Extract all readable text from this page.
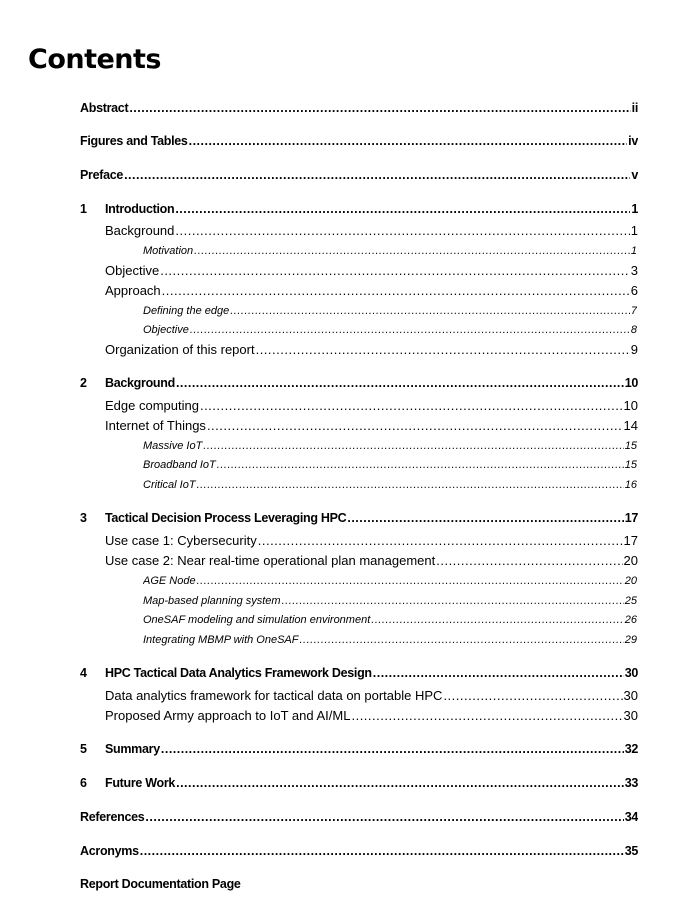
Contents
Abstract .....	ii
Figures and Tables .....	iv
Preface .....	v
1 Introduction .....	1
Background .....	1
Motivation .....	1
Objective .....	3
Approach .....	6
Defining the edge .....	7
Objective .....	8
Organization of this report .....	9
2 Background .....	10
Edge computing .....	10
Internet of Things .....	14
Massive IoT .....	15
Broadband IoT .....	15
Critical IoT .....	16
3 Tactical Decision Process Leveraging HPC .....	17
Use case 1: Cybersecurity .....	17
Use case 2: Near real-time operational plan management .....	20
AGE Node .....	20
Map-based planning system .....	25
OneSAF modeling and simulation environment .....	26
Integrating MBMP with OneSAF .....	29
4 HPC Tactical Data Analytics Framework Design .....	30
Data analytics framework for tactical data on portable HPC .....	30
Proposed Army approach to IoT and AI/ML .....	30
5 Summary .....	32
6 Future Work .....	33
References .....	34
Acronyms .....	35
Report Documentation Page
